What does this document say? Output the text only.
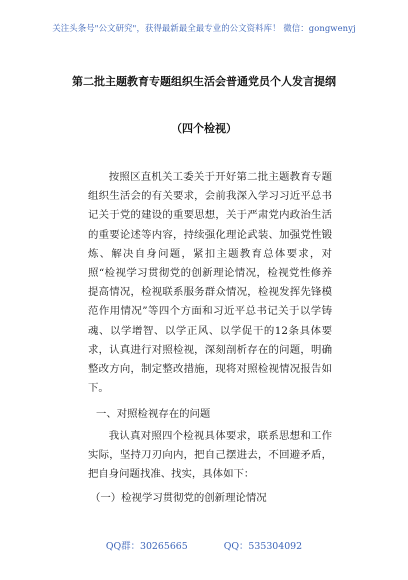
关注头条号"公文研究"，获得最新最全最专业的公文资料库！ 微信：gongwenyj
第二批主题教育专题组织生活会普通党员个人发言提纲
（四个检视）
按照区直机关工委关于开好第二批主题教育专题组织生活会的有关要求，会前我深入学习习近平总书记关于党的建设的重要思想，关于严肃党内政治生活的重要论述等内容，持续强化理论武装、加强党性锻炼、解决自身问题，紧扣主题教育总体要求，对照“检视学习贯彻党的创新理论情况，检视党性修养提高情况，检视联系服务群众情况，检视发挥先锋模范作用情况”等四个方面和习近平总书记关于以学铸魂、以学增智、以学正风、以学促干的12条具体要求，认真进行对照检视，深刻剖析存在的问题，明确整改方向，制定整改措施，现将对照检视情况报告如下。
一、对照检视存在的问题
我认真对照四个检视具体要求，联系思想和工作实际，坚持刀刃向内，把自己摆进去，不回避矛盾，把自身问题找准、找实，具体如下：
（一）检视学习贯彻党的创新理论情况
QQ群：30265665	QQ：535304092
